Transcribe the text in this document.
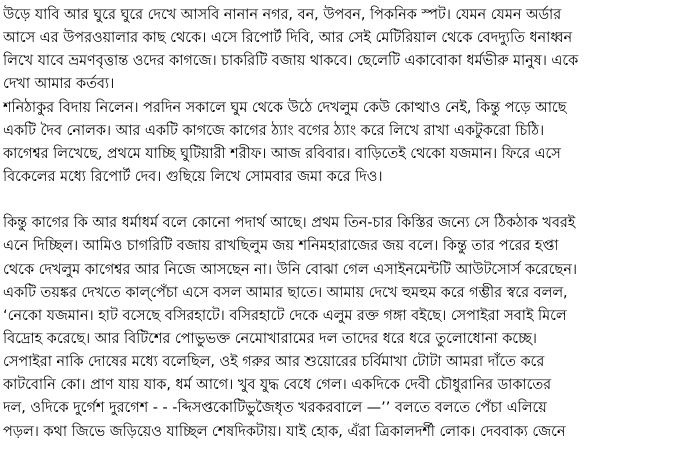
উড়ে যাবি আর ঘুরে ঘুরে দেখে আসবি নানান নগর, বন, উপবন, পিকনিক স্পট। যেমন যেমন অর্ডার
আসে এর উপরওয়ালার কাছ থেকে। এসে রিপোর্ট দিবি, আর সেই মেটিরিয়াল থেকে বেদদ্যুতি ধনাধ্বন
লিখে যাবে ভ্রমণবৃত্তান্ত ওদের কাগজে। চাকরিটি বজায় থাকবে। ছেলেটি একাবোকা ধর্মভীরু মানুষ। একে
দেখা আমার কর্তব্য।
শনিঠাকুর বিদায় নিলেন। পরদিন সকালে ঘুম থেকে উঠে দেখলুম কেউ কোত্থাও নেই, কিন্তু পড়ে আছে
একটি দৈব নোলক। আর একটি কাগজে কাগের ঠ্যাং বগের ঠ্যাং করে লিখে রাখা একটুকরো চিঠি।
কাগেশ্বর লিখেছে, প্রথমে যাচ্ছি ঘুটিয়ারী শরীফ। আজ রবিবার। বাড়িতেই থেকো যজমান। ফিরে এসে
বিকেলের মধ্যে রিপোর্ট দেব। গুছিয়ে লিখে সোমবার জমা করে দিও।
কিন্তু কাগের কি আর ধর্মাধর্ম বলে কোনো পদার্থ আছে। প্রথম তিন-চার কিস্তির জন্যে সে ঠিকঠাক খবরই
এনে দিচ্ছিল। আমিও চাগরিটি বজায় রাখছিলুম জয় শনিমহারাজের জয় বলে। কিন্তু তার পরের হপ্তা
থেকে দেখলুম কাগেশ্বর আর নিজে আসছেন না। উনি বোঝা গেল এসাইনমেন্টটি আউটসোর্স করেছেন।
একটি তয়ঙ্কর দেখতে কাল্‌পেঁচা এসে বসল আমার ছাতে। আমায় দেখে হুমহুম করে গম্ভীর স্বরে বলল,
‘নেকো যজমান। হাট বসেছে বসিরহাটে। বসিরহাটে দেকে এলুম রক্ত গঙ্গা বইছে। সেপাইরা সবাই মিলে
বিদ্রোহ করেছে। আর বিটিশের পোভুভক্ত নেমোখারামের দল তাদের ধরে ধরে তুলোধোনা কচ্ছে।
সেপাইরা নাকি দোষের মধ্যে বলেছিল, ওই গরুর আর শুয়োরের চর্বিমাখা টোটা আমরা দাঁতে করে
কাটবোনি কো। প্রাণ যায় যাক, ধর্ম আগে। খুব যুদ্ধ বেধে গেল। একদিকে দেবী চৌধুরানির ডাকাতের
দল, ওদিকে দুর্গেশ দুরগেশ - - -ব্দিসপ্তকোটিভুজৈধৃত খরকরবালে —’’ বলতে বলতে পেঁচা এলিয়ে
পড়ল। কথা জিভে জড়িয়েও যাচ্ছিল শেষদিকটায়। যাই হোক, এঁরা ত্রিকালদর্শী লোক। দেববাক্য জেনে
